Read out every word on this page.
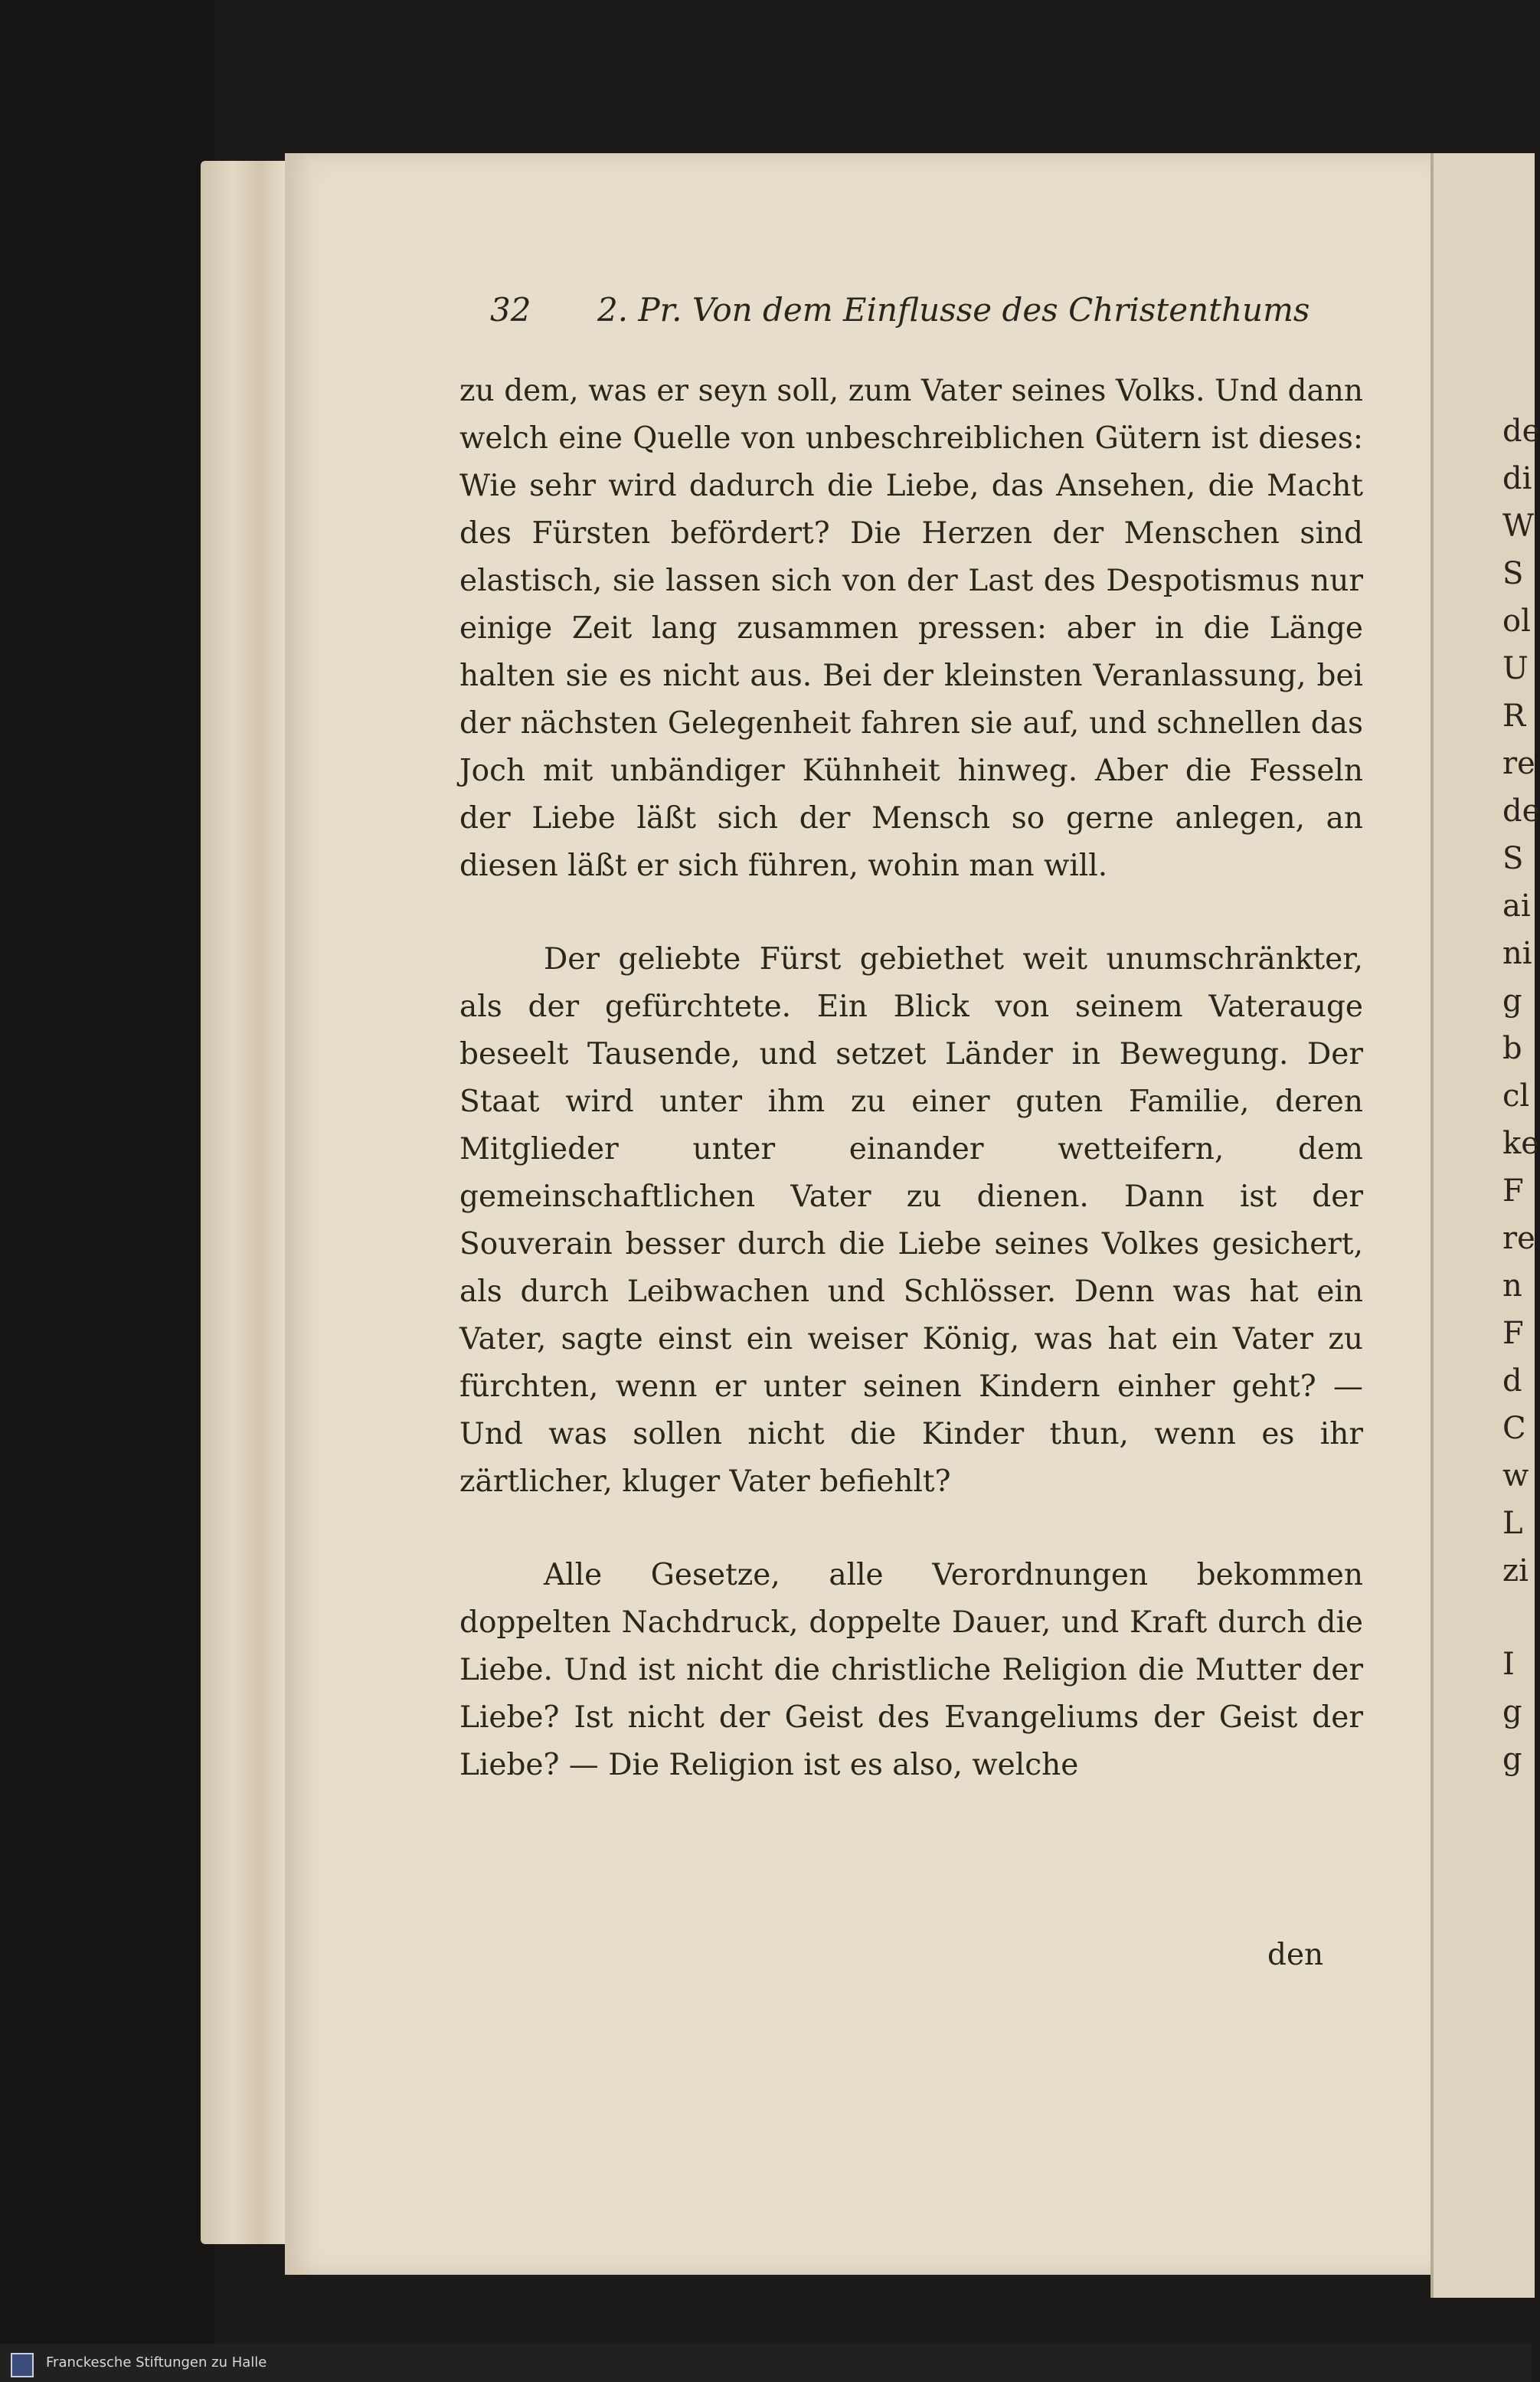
de
di
W
S
ol
U
R
re
de
S
ai
ni
g
b
cl
ke
F
re
n
F
d
C
w
L
zi
I
g
g
32 2. Pr. Von dem Einflusse des Christenthums

zu dem, was er seyn soll, zum Vater seines Volks. Und dann welch eine Quelle von unbeschreiblichen Gütern ist dieses: Wie sehr wird dadurch die Liebe, das Ansehen, die Macht des Fürsten befördert? Die Herzen der Menschen sind elastisch, sie lassen sich von der Last des Despotismus nur einige Zeit lang zusammen pressen: aber in die Länge halten sie es nicht aus. Bei der kleinsten Veranlassung, bei der nächsten Gelegenheit fahren sie auf, und schnellen das Joch mit unbändiger Kühnheit hinweg. Aber die Fesseln der Liebe läßt sich der Mensch so gerne anlegen, an diesen läßt er sich führen, wohin man will.

Der geliebte Fürst gebiethet weit unumschränkter, als der gefürchtete. Ein Blick von seinem Vaterauge beseelt Tausende, und setzet Länder in Bewegung. Der Staat wird unter ihm zu einer guten Familie, deren Mitglieder unter einander wetteifern, dem gemeinschaftlichen Vater zu dienen. Dann ist der Souverain besser durch die Liebe seines Volkes gesichert, als durch Leibwachen und Schlösser. Denn was hat ein Vater, sagte einst ein weiser König, was hat ein Vater zu fürchten, wenn er unter seinen Kindern einher geht? — Und was sollen nicht die Kinder thun, wenn es ihr zärtlicher, kluger Vater befiehlt?

Alle Gesetze, alle Verordnungen bekommen doppelten Nachdruck, doppelte Dauer, und Kraft durch die Liebe. Und ist nicht die christliche Religion die Mutter der Liebe? Ist nicht der Geist des Evangeliums der Geist der Liebe? — Die Religion ist es also, welche

den
Franckesche Stiftungen zu Halle
